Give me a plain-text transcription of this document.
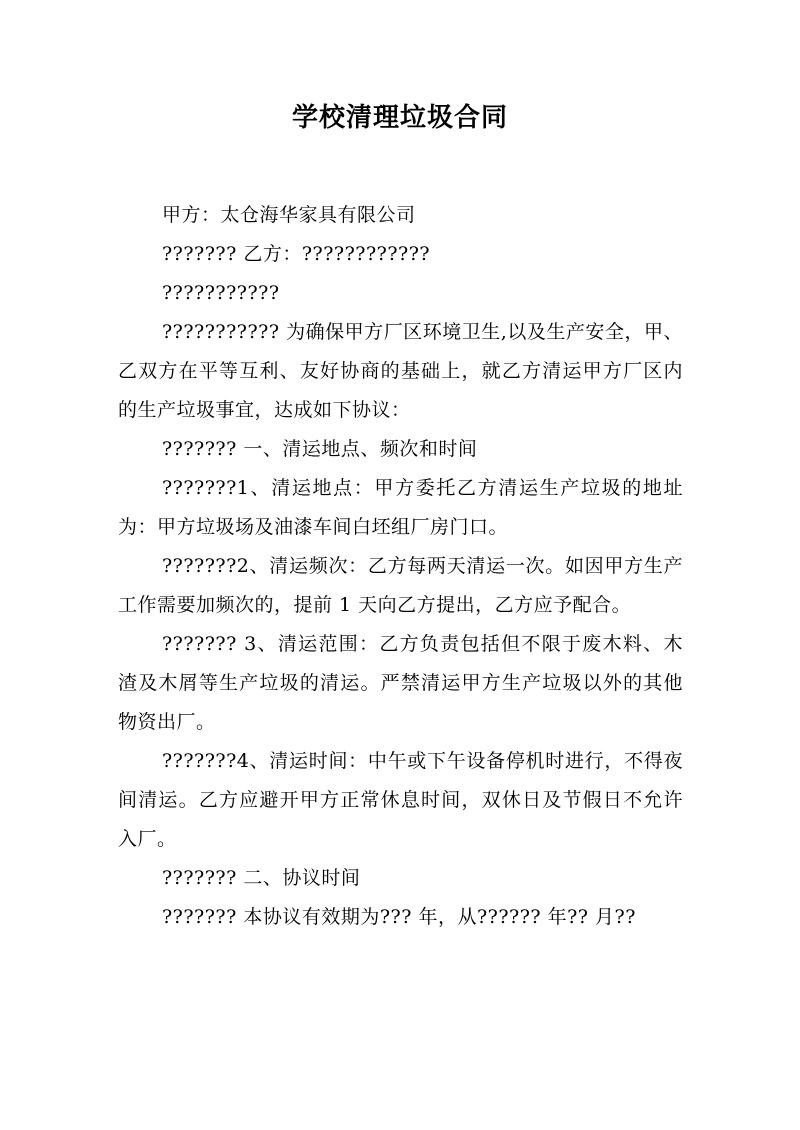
学校清理垃圾合同

甲方：太仓海华家具有限公司

??????? 乙方：????????????

???????????

??????????? 为确保甲方厂区环境卫生,以及生产安全，甲、乙双方在平等互利、友好协商的基础上，就乙方清运甲方厂区内的生产垃圾事宜，达成如下协议：

??????? 一、清运地点、频次和时间

???????1、清运地点：甲方委托乙方清运生产垃圾的地址为：甲方垃圾场及油漆车间白坯组厂房门口。

???????2、清运频次：乙方每两天清运一次。如因甲方生产工作需要加频次的，提前 1 天向乙方提出，乙方应予配合。

??????? 3、清运范围：乙方负责包括但不限于废木料、木渣及木屑等生产垃圾的清运。严禁清运甲方生产垃圾以外的其他物资出厂。

???????4、清运时间：中午或下午设备停机时进行，不得夜间清运。乙方应避开甲方正常休息时间，双休日及节假日不允许入厂。

??????? 二、协议时间

??????? 本协议有效期为??? 年，从?????? 年?? 月??
